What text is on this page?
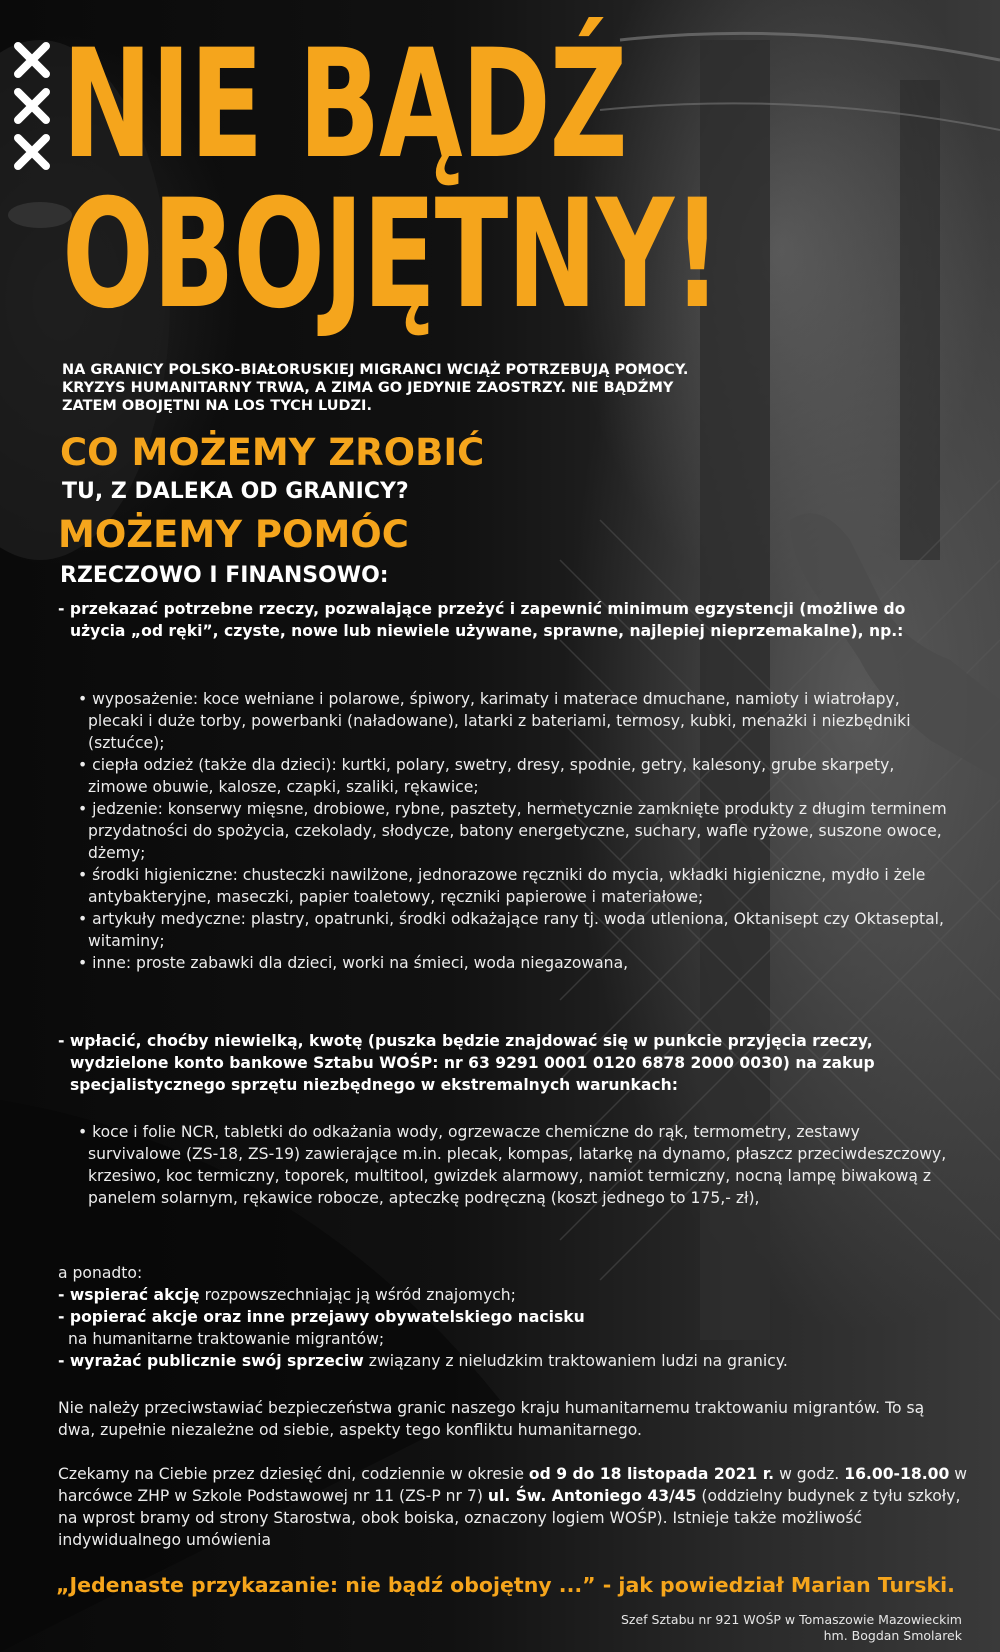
NIE BĄDŹ
OBOJĘTNY!

NA GRANICY POLSKO-BIAŁORUSKIEJ MIGRANCI WCIĄŻ POTRZEBUJĄ POMOCY. KRYZYS HUMANITARNY TRWA, A ZIMA GO JEDYNIE ZAOSTRZY. NIE BĄDŹMY ZATEM OBOJĘTNI NA LOS TYCH LUDZI.

CO MOŻEMY ZROBIĆ
TU, Z DALEKA OD GRANICY?
MOŻEMY POMÓC
RZECZOWO I FINANSOWO:

- przekazać potrzebne rzeczy, pozwalające przeżyć i zapewnić minimum egzystencji (możliwe do użycia „od ręki”, czyste, nowe lub niewiele używane, sprawne, najlepiej nieprzemakalne), np.:

• wyposażenie: koce wełniane i polarowe, śpiwory, karimaty i materace dmuchane, namioty i wiatrołapy, plecaki i duże torby, powerbanki (naładowane), latarki z bateriami, termosy, kubki, menażki i niezbędniki (sztućce);
• ciepła odzież (także dla dzieci): kurtki, polary, swetry, dresy, spodnie, getry, kalesony, grube skarpety, zimowe obuwie, kalosze, czapki, szaliki, rękawice;
• jedzenie: konserwy mięsne, drobiowe, rybne, pasztety, hermetycznie zamknięte produkty z długim terminem przydatności do spożycia, czekolady, słodycze, batony energetyczne, suchary, wafle ryżowe, suszone owoce, dżemy;
• środki higieniczne: chusteczki nawilżone, jednorazowe ręczniki do mycia, wkładki higieniczne, mydło i żele antybakteryjne, maseczki, papier toaletowy, ręczniki papierowe i materiałowe;
• artykuły medyczne: plastry, opatrunki, środki odkażające rany tj. woda utleniona, Oktanisept czy Oktaseptal, witaminy;
• inne: proste zabawki dla dzieci, worki na śmieci, woda niegazowana,

- wpłacić, choćby niewielką, kwotę (puszka będzie znajdować się w punkcie przyjęcia rzeczy, wydzielone konto bankowe Sztabu WOŚP: nr 63 9291 0001 0120 6878 2000 0030) na zakup specjalistycznego sprzętu niezbędnego w ekstremalnych warunkach:

• koce i folie NCR, tabletki do odkażania wody, ogrzewacze chemiczne do rąk, termometry, zestawy survivalowe (ZS-18, ZS-19) zawierające m.in. plecak, kompas, latarkę na dynamo, płaszcz przeciwdeszczowy, krzesiwo, koc termiczny, toporek, multitool, gwizdek alarmowy, namiot termiczny, nocną lampę biwakową z panelem solarnym, rękawice robocze, apteczkę podręczną (koszt jednego to 175,- zł),
a ponadto:
- wspierać akcję rozpowszechniając ją wśród znajomych;
- popierać akcje oraz inne przejawy obywatelskiego nacisku
na humanitarne traktowanie migrantów;
- wyrażać publicznie swój sprzeciw związany z nieludzkim traktowaniem ludzi na granicy.

Nie należy przeciwstawiać bezpieczeństwa granic naszego kraju humanitarnemu traktowaniu migrantów. To są dwa, zupełnie niezależne od siebie, aspekty tego konfliktu humanitarnego.

Czekamy na Ciebie przez dziesięć dni, codziennie w okresie od 9 do 18 listopada 2021 r. w godz. 16.00-18.00 w harcówce ZHP w Szkole Podstawowej nr 11 (ZS-P nr 7) ul. Św. Antoniego 43/45 (oddzielny budynek z tyłu szkoły, na wprost bramy od strony Starostwa, obok boiska, oznaczony logiem WOŚP). Istnieje także możliwość indywidualnego umówienia

„Jedenaste przykazanie: nie bądź obojętny ...” - jak powiedział Marian Turski.

Szef Sztabu nr 921 WOŚP w Tomaszowie Mazowieckim
hm. Bogdan Smolarek
